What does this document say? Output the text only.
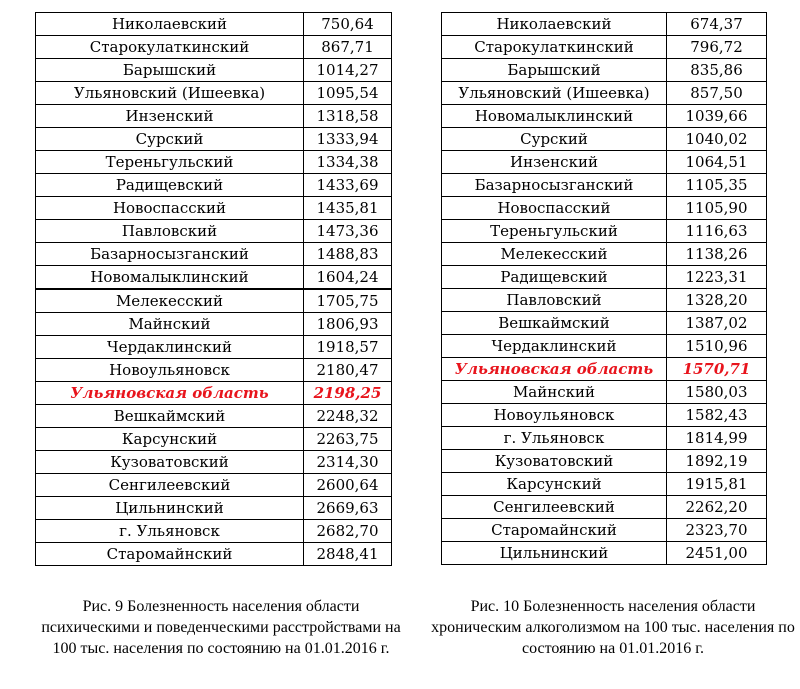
Николаевский	750,64
Старокулаткинский	867,71
Барышский	1014,27
Ульяновский (Ишеевка)	1095,54
Инзенский	1318,58
Сурский	1333,94
Тереньгульский	1334,38
Радищевский	1433,69
Новоспасский	1435,81
Павловский	1473,36
Базарносызганский	1488,83
Новомалыклинский	1604,24
Мелекесский	1705,75
Майнский	1806,93
Чердаклинский	1918,57
Новоульяновск	2180,47
Ульяновская область	2198,25
Вешкаймский	2248,32
Карсунский	2263,75
Кузоватовский	2314,30
Сенгилеевский	2600,64
Цильнинский	2669,63
г. Ульяновск	2682,70
Старомайнский	2848,41
Николаевский	674,37
Старокулаткинский	796,72
Барышский	835,86
Ульяновский (Ишеевка)	857,50
Новомалыклинский	1039,66
Сурский	1040,02
Инзенский	1064,51
Базарносызганский	1105,35
Новоспасский	1105,90
Тереньгульский	1116,63
Мелекесский	1138,26
Радищевский	1223,31
Павловский	1328,20
Вешкаймский	1387,02
Чердаклинский	1510,96
Ульяновская область	1570,71
Майнский	1580,03
Новоульяновск	1582,43
г. Ульяновск	1814,99
Кузоватовский	1892,19
Карсунский	1915,81
Сенгилеевский	2262,20
Старомайнский	2323,70
Цильнинский	2451,00
Рис. 9 Болезненность населения области психическими и поведенческими расстройствами на 100 тыс. населения по состоянию на 01.01.2016 г.
Рис. 10 Болезненность населения области хроническим алкоголизмом на 100 тыс. населения по состоянию на 01.01.2016 г.
